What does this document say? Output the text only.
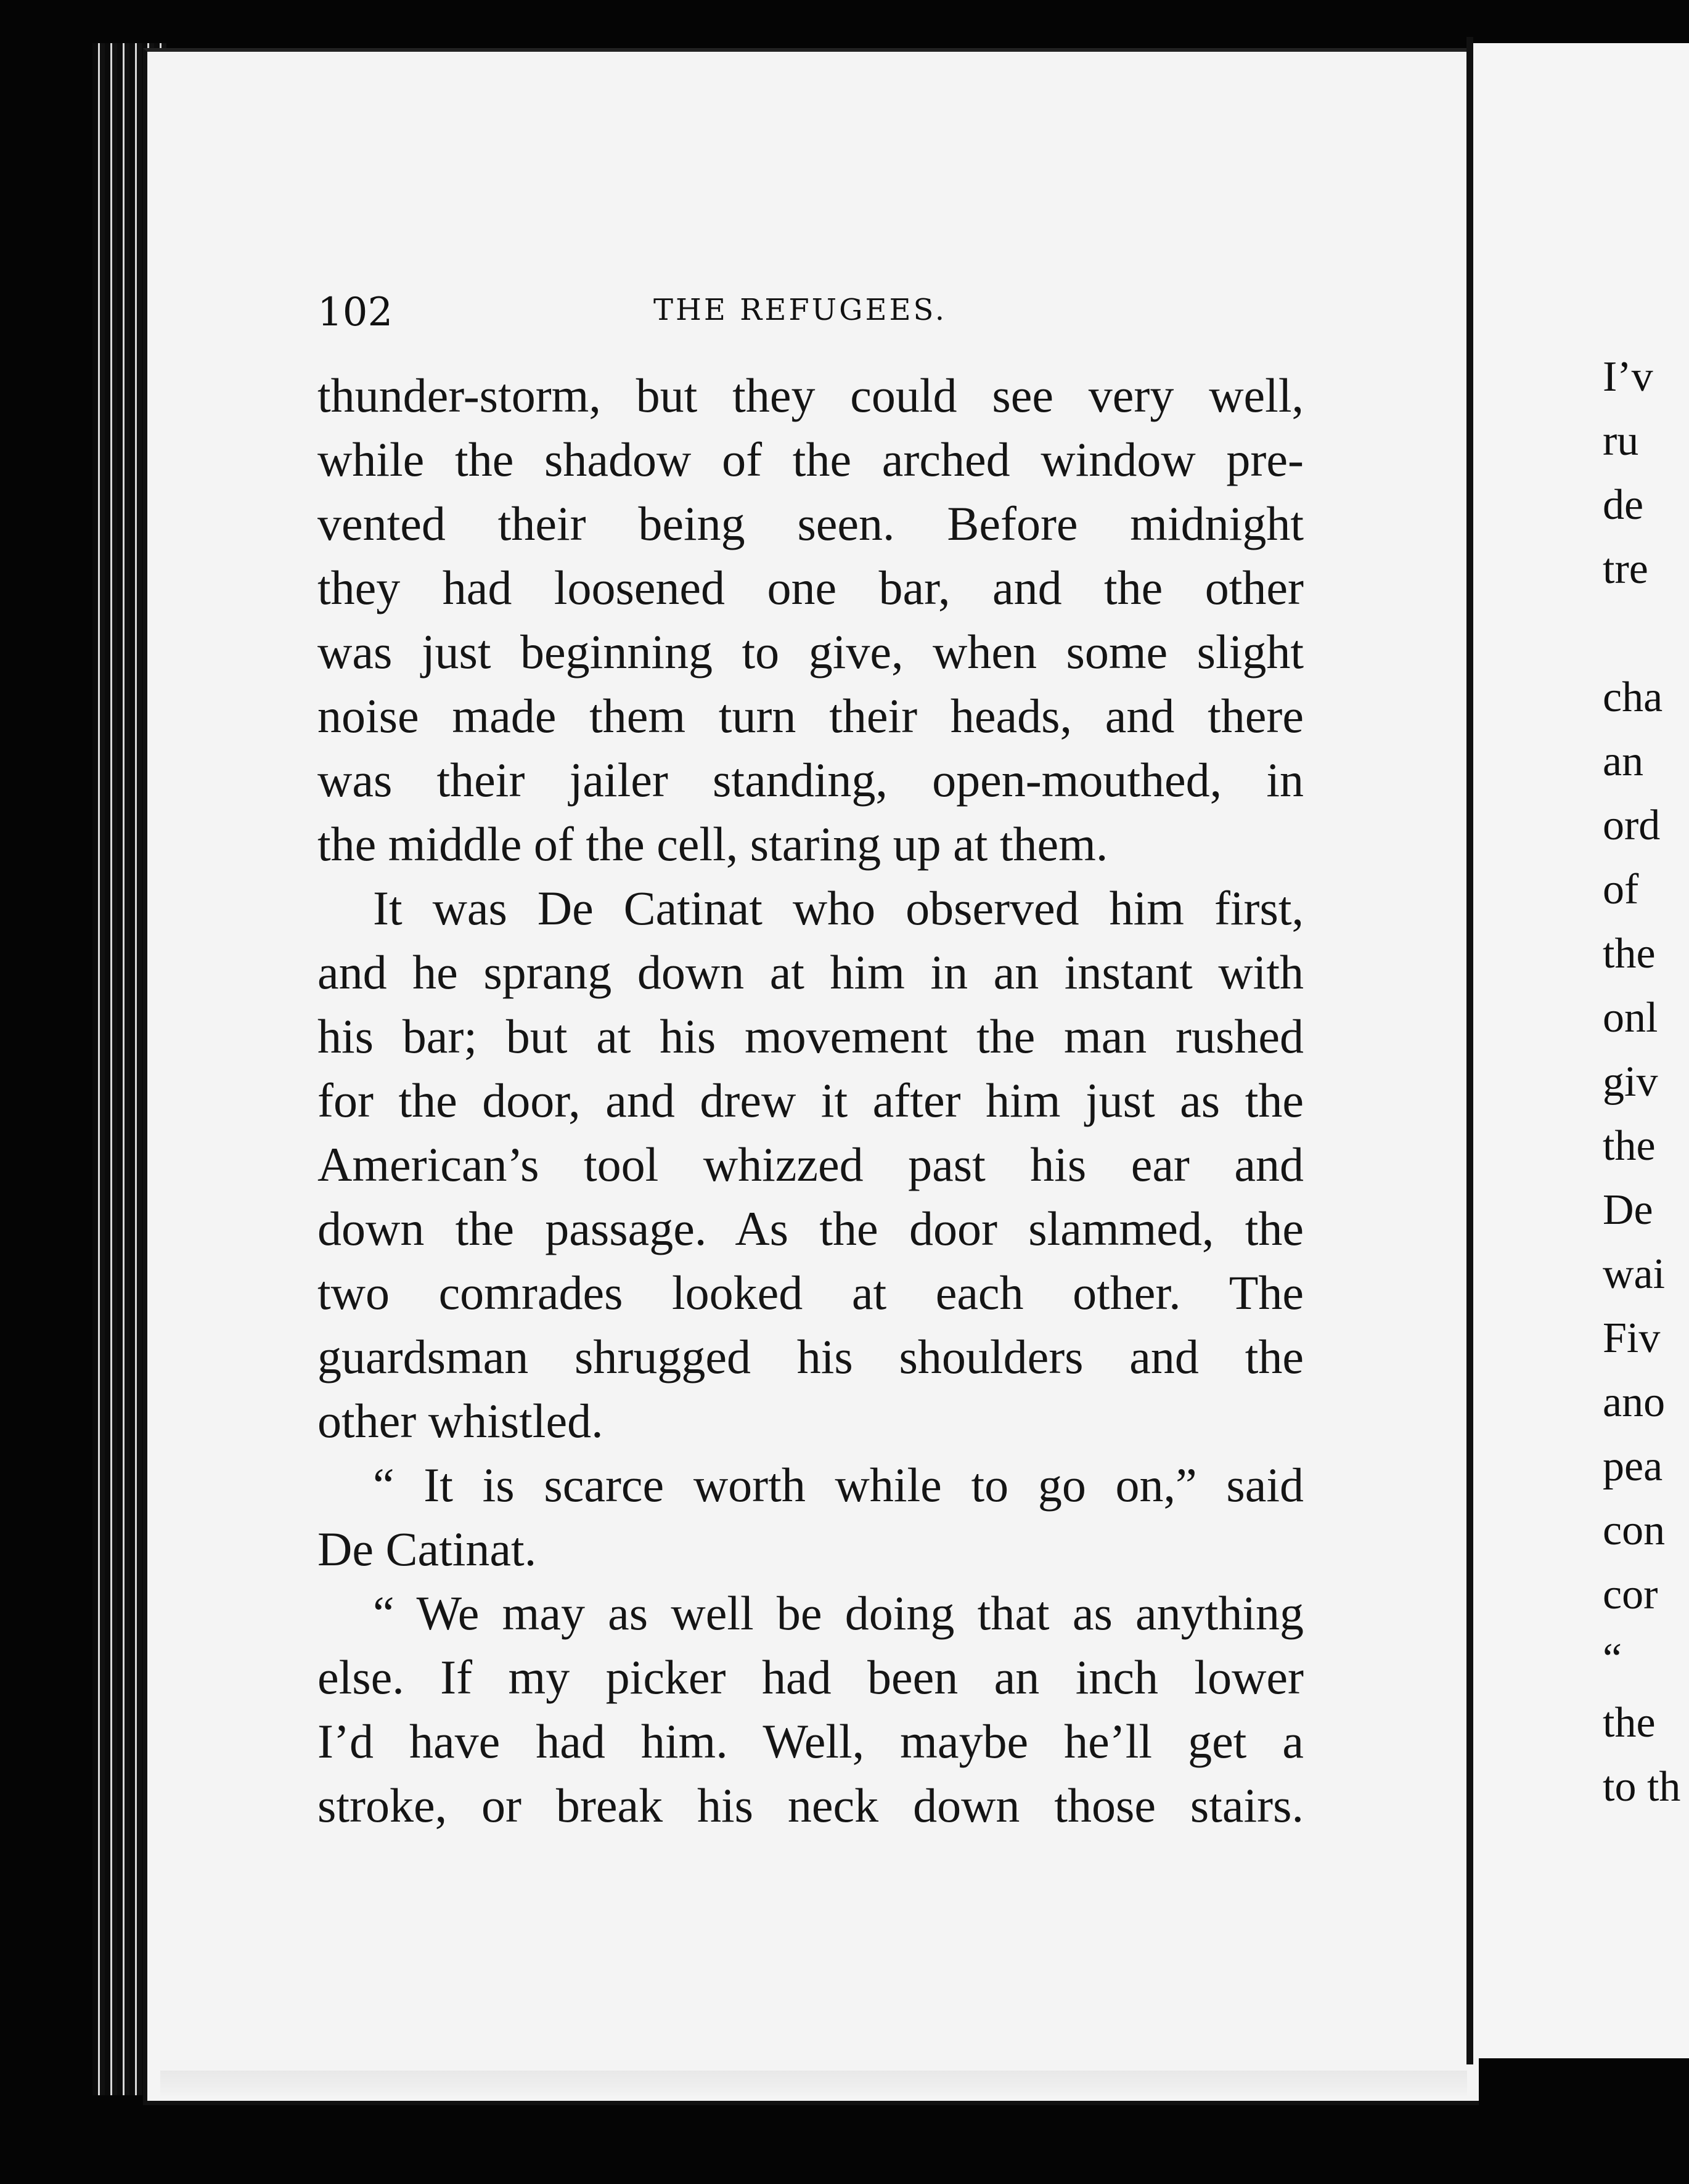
102	THE REFUGEES.

thunder-storm, but they could see very well,
while the shadow of the arched window pre-
vented their being seen. Before midnight
they had loosened one bar, and the other
was just beginning to give, when some slight
noise made them turn their heads, and there
was their jailer standing, open-mouthed, in
the middle of the cell, staring up at them.

It was De Catinat who observed him first,
and he sprang down at him in an instant with
his bar; but at his movement the man rushed
for the door, and drew it after him just as the
American’s tool whizzed past his ear and
down the passage. As the door slammed, the
two comrades looked at each other. The
guardsman shrugged his shoulders and the
other whistled.

“ It is scarce worth while to go on,” said
De Catinat.

“ We may as well be doing that as anything
else. If my picker had been an inch lower
I’d have had him. Well, maybe he’ll get a
stroke, or break his neck down those stairs.

I’v
ru
de
tre
cha
an
ord
of
the
onl
giv
the
De
wai
Fiv
ano
pea
con
cor
“
the
to th
